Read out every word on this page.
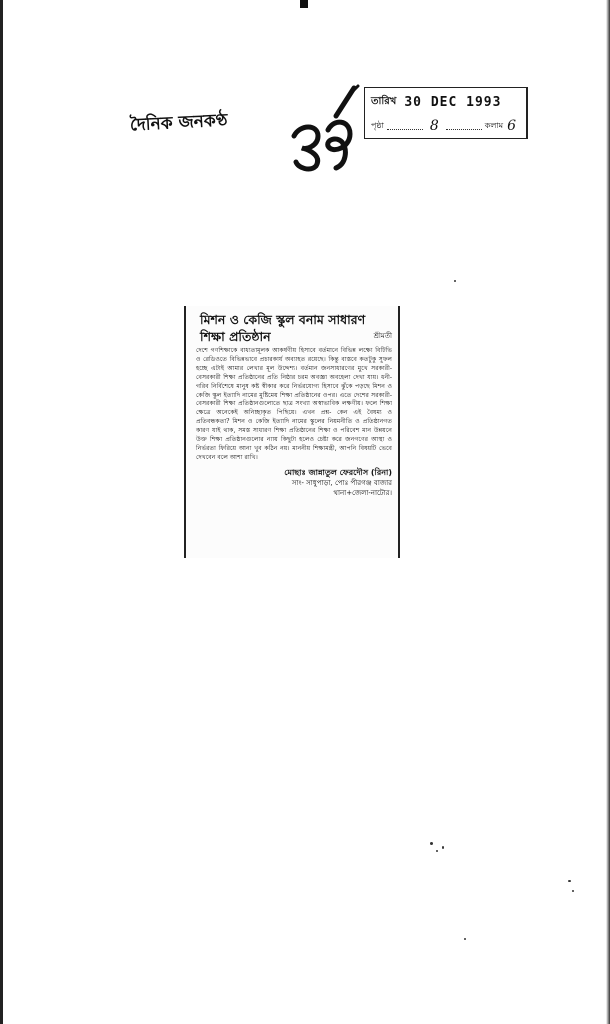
দৈনিক জনকণ্ঠ
তারিখ 30 DEC 1993
পৃষ্ঠা	8	কলাম 6
মিশন ও কেজি স্কুল বনাম সাধারণ
শিক্ষা প্রতিষ্ঠান	শ্রীমতী

দেশে গণশিক্ষাকে বাধ্যতামূলক আকর্ষণীয় হিসাবে বর্তমানে বিভিন্ন লক্ষ্যে বিটিভি ও রেডিওতে বিভিন্নভাবে প্রচারকার্য অব্যাহত রয়েছে। কিন্তু বাস্তবে কতটুকু সুফল হচ্ছে এটাই আমার লেখার মূল উদ্দেশ্য। বর্তমান জনসাধারণের মুখে সরকারী-বেসরকারী শিক্ষা প্রতিষ্ঠানের প্রতি নিষ্ঠার চরম অবজ্ঞা অবহেলা দেখা যায়। ধনী-গরিব নির্বিশেষে মানুষ কষ্ট স্বীকার করে নির্ভরযোগ্য হিসাবে ঝুঁকে পড়ছে মিশন ও কেজি স্কুল ইত্যাদি নামের মুষ্টিমেয় শিক্ষা প্রতিষ্ঠানের ওপর। এতে দেশের সরকারী-বেসরকারী শিক্ষা প্রতিষ্ঠানগুলোতে ছাত্র সংখ্যা অস্বাভাবিক লক্ষণীয়। ফলে শিক্ষা ক্ষেত্রে অনেকেই অনিচ্ছাকৃত পিছিয়ে। এখন প্রশ্ন- কেন এই বৈষম্য ও প্রতিবন্ধকতা? মিশন ও কেজি ইত্যাদি নামের স্কুলের নিয়মনীতি ও প্রতিষ্ঠানগত কারণ যাই থাক, সমস্ত সাধারণ শিক্ষা প্রতিষ্ঠানের শিক্ষা ও পরিবেশ মান উন্নয়নে উক্ত শিক্ষা প্রতিষ্ঠানগুলোর ন্যায় কিছুটা হলেও চেষ্টা করে জনগণের আস্থা ও নির্ভরতা ফিরিয়ে আনা খুব কঠিন নয়। মাননীয় শিক্ষামন্ত্রী, আপনি বিষয়টি ভেবে দেখবেন বলে আশা রাখি।

মোছাঃ জান্নাতুল ফেরদৌস (রিনা)
সাং- সাধুপাড়া, পোঃ পীরগঞ্জ বাজার
থানা+জেলা-নাটোর।
